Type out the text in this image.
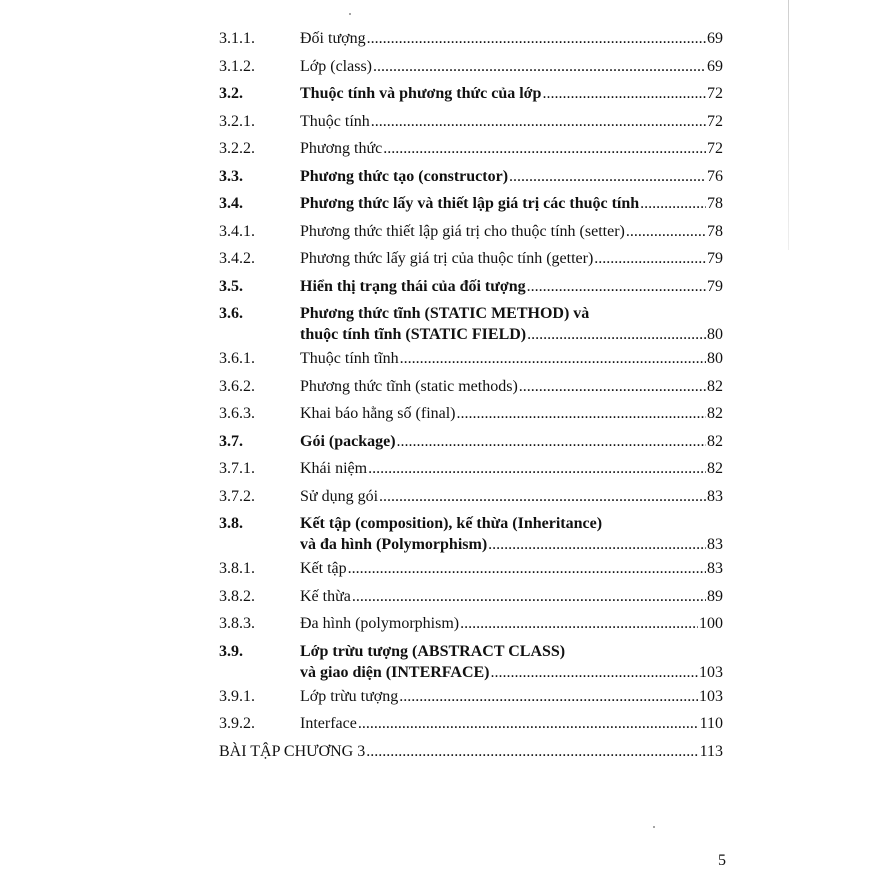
3.1.1.	Đối tượng .....	69
3.1.2.	Lớp (class) .....	69
3.2.	Thuộc tính và phương thức của lớp .....	72
3.2.1.	Thuộc tính .....	72
3.2.2.	Phương thức .....	72
3.3.	Phương thức tạo (constructor) .....	76
3.4.	Phương thức lấy và thiết lập giá trị các thuộc tính .....	78
3.4.1.	Phương thức thiết lập giá trị cho thuộc tính (setter) .....	78
3.4.2.	Phương thức lấy giá trị của thuộc tính (getter) .....	79
3.5.	Hiển thị trạng thái của đối tượng .....	79
3.6.	Phương thức tĩnh (STATIC METHOD) và
thuộc tính tĩnh (STATIC FIELD) .....	80
3.6.1.	Thuộc tính tĩnh .....	80
3.6.2.	Phương thức tĩnh (static methods) .....	82
3.6.3.	Khai báo hằng số (final) .....	82
3.7.	Gói (package) .....	82
3.7.1.	Khái niệm .....	82
3.7.2.	Sử dụng gói .....	83
3.8.	Kết tập (composition), kế thừa (Inheritance)
và đa hình (Polymorphism) .....	83
3.8.1.	Kết tập .....	83
3.8.2.	Kế thừa .....	89
3.8.3.	Đa hình (polymorphism) .....	100
3.9.	Lớp trừu tượng (ABSTRACT CLASS)
và giao diện (INTERFACE) .....	103
3.9.1.	Lớp trừu tượng .....	103
3.9.2.	Interface .....	110
BÀI TẬP CHƯƠNG 3 .....	113
5
